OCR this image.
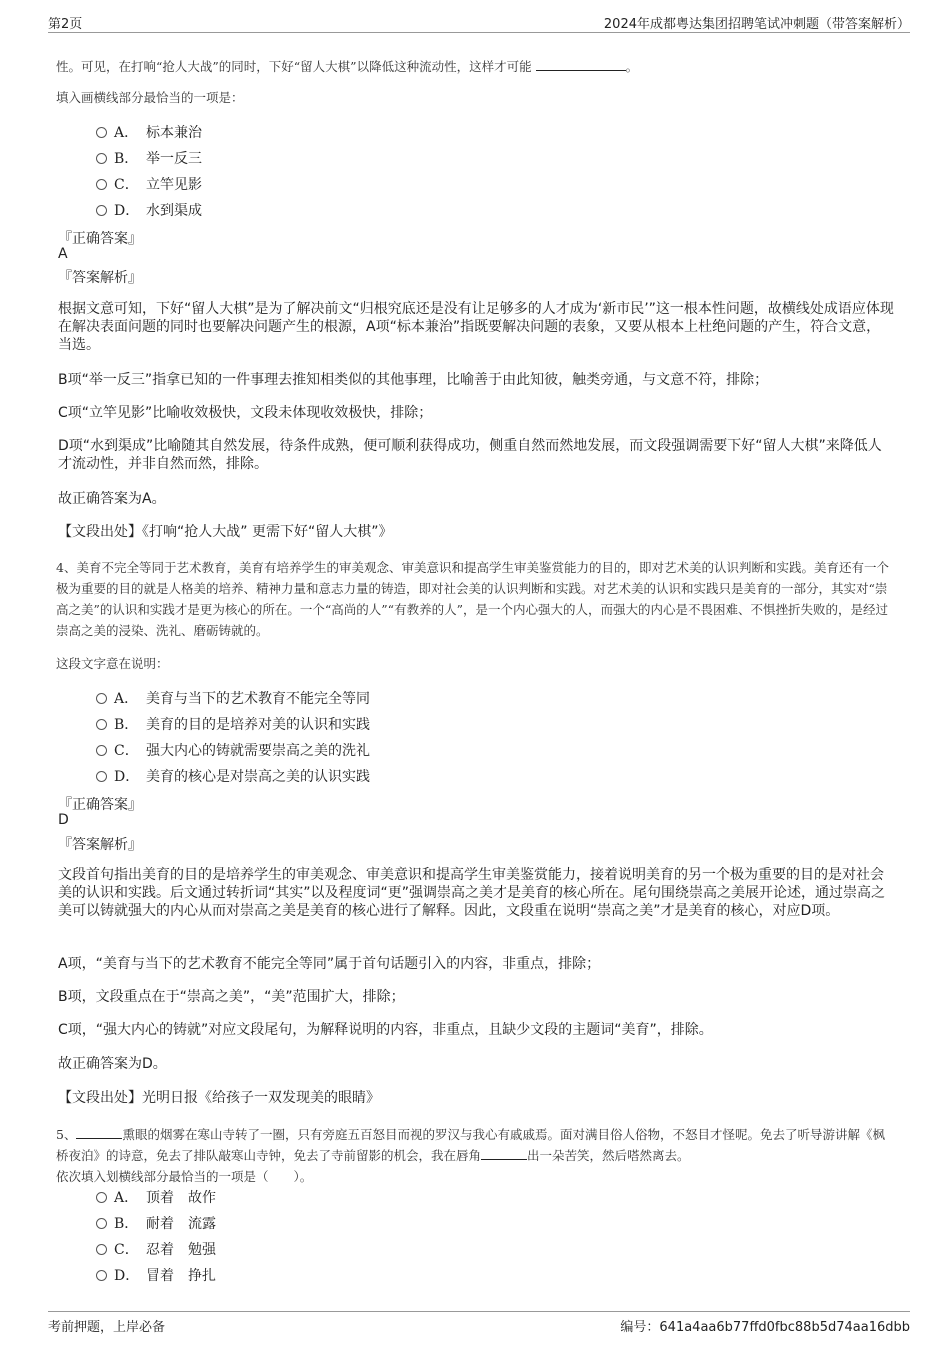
第2页	2024年成都粤达集团招聘笔试冲刺题（带答案解析）

性。可见，在打响“抢人大战”的同时，下好“留人大棋”以降低这种流动性，这样才可能	。

填入画横线部分最恰当的一项是：
A． 标本兼治
B． 举一反三
C． 立竿见影
D． 水到渠成
『正确答案』
A
『答案解析』

根据文意可知，下好“留人大棋”是为了解决前文“归根究底还是没有让足够多的人才成为‘新市民’”这一根本性问题，故横线处成语应体现在解决表面问题的同时也要解决问题产生的根源，A项“标本兼治”指既要解决问题的表象，又要从根本上杜绝问题的产生，符合文意，当选。

B项“举一反三”指拿已知的一件事理去推知相类似的其他事理，比喻善于由此知彼，触类旁通，与文意不符，排除；

C项“立竿见影”比喻收效极快，文段未体现收效极快，排除；

D项“水到渠成”比喻随其自然发展，待条件成熟，便可顺利获得成功，侧重自然而然地发展，而文段强调需要下好“留人大棋”来降低人才流动性，并非自然而然，排除。

故正确答案为A。

【文段出处】《打响“抢人大战” 更需下好“留人大棋”》

4、美育不完全等同于艺术教育，美育有培养学生的审美观念、审美意识和提高学生审美鉴赏能力的目的，即对艺术美的认识判断和实践。美育还有一个极为重要的目的就是人格美的培养、精神力量和意志力量的铸造，即对社会美的认识判断和实践。对艺术美的认识和实践只是美育的一部分，其实对“崇高之美”的认识和实践才是更为核心的所在。一个“高尚的人”“有教养的人”，是一个内心强大的人，而强大的内心是不畏困难、不惧挫折失败的，是经过崇高之美的浸染、洗礼、磨砺铸就的。

这段文字意在说明：
A． 美育与当下的艺术教育不能完全等同
B． 美育的目的是培养对美的认识和实践
C． 强大内心的铸就需要崇高之美的洗礼
D． 美育的核心是对崇高之美的认识实践
『正确答案』
D
『答案解析』

文段首句指出美育的目的是培养学生的审美观念、审美意识和提高学生审美鉴赏能力，接着说明美育的另一个极为重要的目的是对社会美的认识和实践。后文通过转折词“其实”以及程度词“更”强调崇高之美才是美育的核心所在。尾句围绕崇高之美展开论述，通过崇高之美可以铸就强大的内心从而对崇高之美是美育的核心进行了解释。因此，文段重在说明“崇高之美”才是美育的核心，对应D项。

A项，“美育与当下的艺术教育不能完全等同”属于首句话题引入的内容，非重点，排除；

B项，文段重点在于“崇高之美”，“美”范围扩大，排除；

C项，“强大内心的铸就”对应文段尾句，为解释说明的内容，非重点，且缺少文段的主题词“美育”，排除。

故正确答案为D。

【文段出处】光明日报《给孩子一双发现美的眼睛》

5、	熏眼的烟雾在寒山寺转了一圈，只有旁庭五百怒目而视的罗汉与我心有戚戚焉。面对满目俗人俗物，不怒目才怪呢。免去了听导游讲解《枫桥夜泊》的诗意，免去了排队敲寒山寺钟，免去了寺前留影的机会，我在唇角	出一朵苦笑，然后嗒然离去。
依次填入划横线部分最恰当的一项是（　　）。

A． 顶着　故作
B． 耐着　流露
C． 忍着　勉强
D． 冒着　挣扎
考前押题，上岸必备	编号：641a4aa6b77ffd0fbc88b5d74aa16dbb
